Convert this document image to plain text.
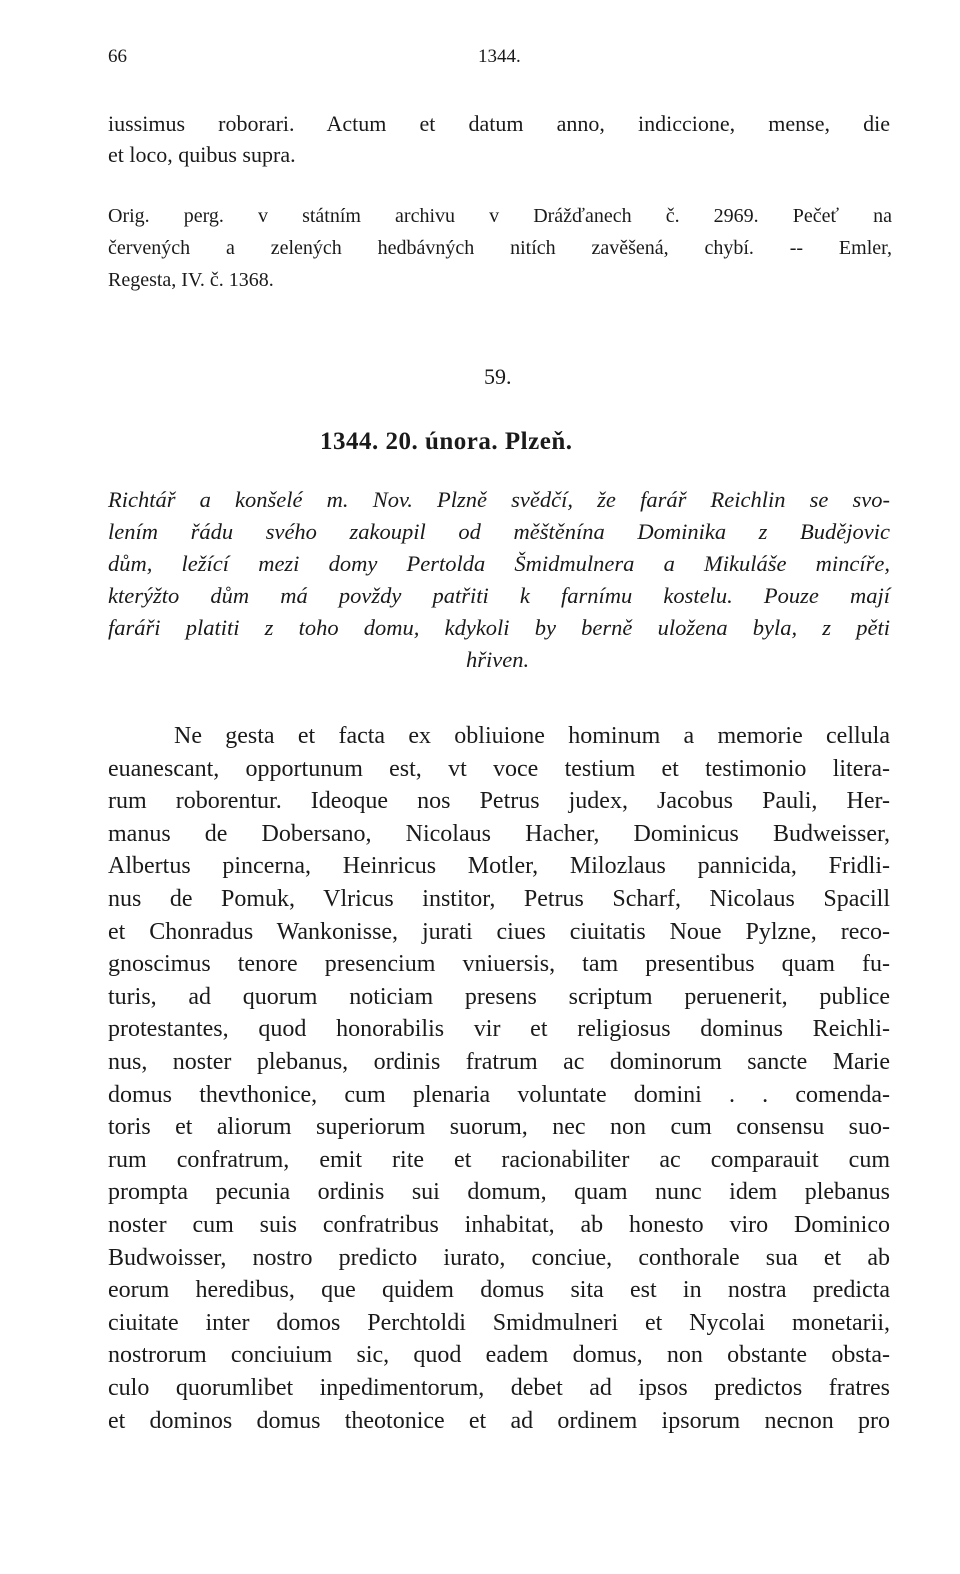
66	1344.
iussimus roborari. Actum et datum anno, indiccione, mense, die
et loco, quibus supra.
Orig. perg. v státním archivu v Drážďanech č. 2969. Pečeť na
červených a zelených hedbávných nitích zavěšená, chybí. -- Emler,
Regesta, IV. č. 1368.
59.
1344. 20. února. Plzeň.
Richtář a konšelé m. Nov. Plzně svědčí, že farář Reichlin se svo-
lením řádu svého zakoupil od měštěnína Dominika z Budějovic
dům, ležící mezi domy Pertolda Šmidmulnera a Mikuláše mincíře,
kterýžto dům má povždy patřiti k farnímu kostelu. Pouze mají
faráři platiti z toho domu, kdykoli by berně uložena byla, z pěti
hřiven.
Ne gesta et facta ex obliuione hominum a memorie cellula
euanescant, opportunum est, vt voce testium et testimonio litera-
rum roborentur. Ideoque nos Petrus judex, Jacobus Pauli, Her-
manus de Dobersano, Nicolaus Hacher, Dominicus Budweisser,
Albertus pincerna, Heinricus Motler, Milozlaus pannicida, Fridli-
nus de Pomuk, Vlricus institor, Petrus Scharf, Nicolaus Spacill
et Chonradus Wankonisse, jurati ciues ciuitatis Noue Pylzne, reco-
gnoscimus tenore presencium vniuersis, tam presentibus quam fu-
turis, ad quorum noticiam presens scriptum peruenerit, publice
protestantes, quod honorabilis vir et religiosus dominus Reichli-
nus, noster plebanus, ordinis fratrum ac dominorum sancte Marie
domus thevthonice, cum plenaria voluntate domini . . comenda-
toris et aliorum superiorum suorum, nec non cum consensu suo-
rum confratrum, emit rite et racionabiliter ac comparauit cum
prompta pecunia ordinis sui domum, quam nunc idem plebanus
noster cum suis confratribus inhabitat, ab honesto viro Dominico
Budwoisser, nostro predicto iurato, conciue, conthorale sua et ab
eorum heredibus, que quidem domus sita est in nostra predicta
ciuitate inter domos Perchtoldi Smidmulneri et Nycolai monetarii,
nostrorum conciuium sic, quod eadem domus, non obstante obsta-
culo quorumlibet inpedimentorum, debet ad ipsos predictos fratres
et dominos domus theotonice et ad ordinem ipsorum necnon pro
